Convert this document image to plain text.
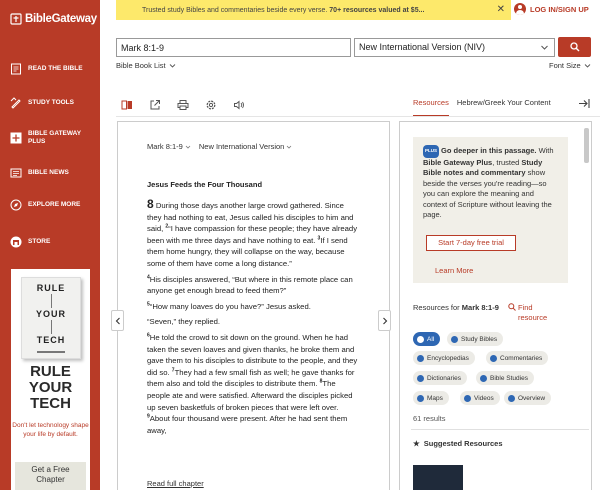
BibleGateway
READ THE BIBLE
STUDY TOOLS
BIBLE GATEWAY PLUS
BIBLE NEWS
EXPLORE MORE
STORE
RULE
YOUR
TECH
RULE
YOUR
TECH
Don't let technology shape your life by default.
Get a Free
Chapter
Trusted study Bibles and commentaries beside every verse. 70+ resources valued at $5...	✕	LOG IN/SIGN UP
Mark 8:1-9
New International Version (NIV)
Bible Book List	Font Size
Resources Hebrew/Greek Your Content
Mark 8:1-9 New International Version
Jesus Feeds the Four Thousand

8 During those days another large crowd gathered. Since they had nothing to eat, Jesus called his disciples to him and said, $^2$“I have compassion for these people; they have already been with me three days and have nothing to eat. $^3$If I send them home hungry, they will collapse on the way, because some of them have come a long distance.”

$^4$His disciples answered, “But where in this remote place can anyone get enough bread to feed them?”

$^5$“How many loaves do you have?” Jesus asked.

“Seven,” they replied.

$^6$He told the crowd to sit down on the ground. When he had taken the seven loaves and given thanks, he broke them and gave them to his disciples to distribute to the people, and they did so. $^7$They had a few small fish as well; he gave thanks for them also and told the disciples to distribute them. $^8$The people ate and were satisfied. Afterward the disciples picked up seven basketfuls of broken pieces that were left over. $^9$About four thousand were present. After he had sent them away,

Read full chapter
PLUS Go deeper in this passage. With Bible Gateway Plus, trusted Study Bible notes and commentary show beside the verses you're reading—so you can explore the meaning and context of Scripture without leaving the page.
Start 7-day free trial
Learn More
Resources for Mark 8:1-9	Find resource
All	Study Bibles
Encyclopedias	Commentaries
Dictionaries	Bible Studies
Maps	Videos	Overview
61 results
★ Suggested Resources
